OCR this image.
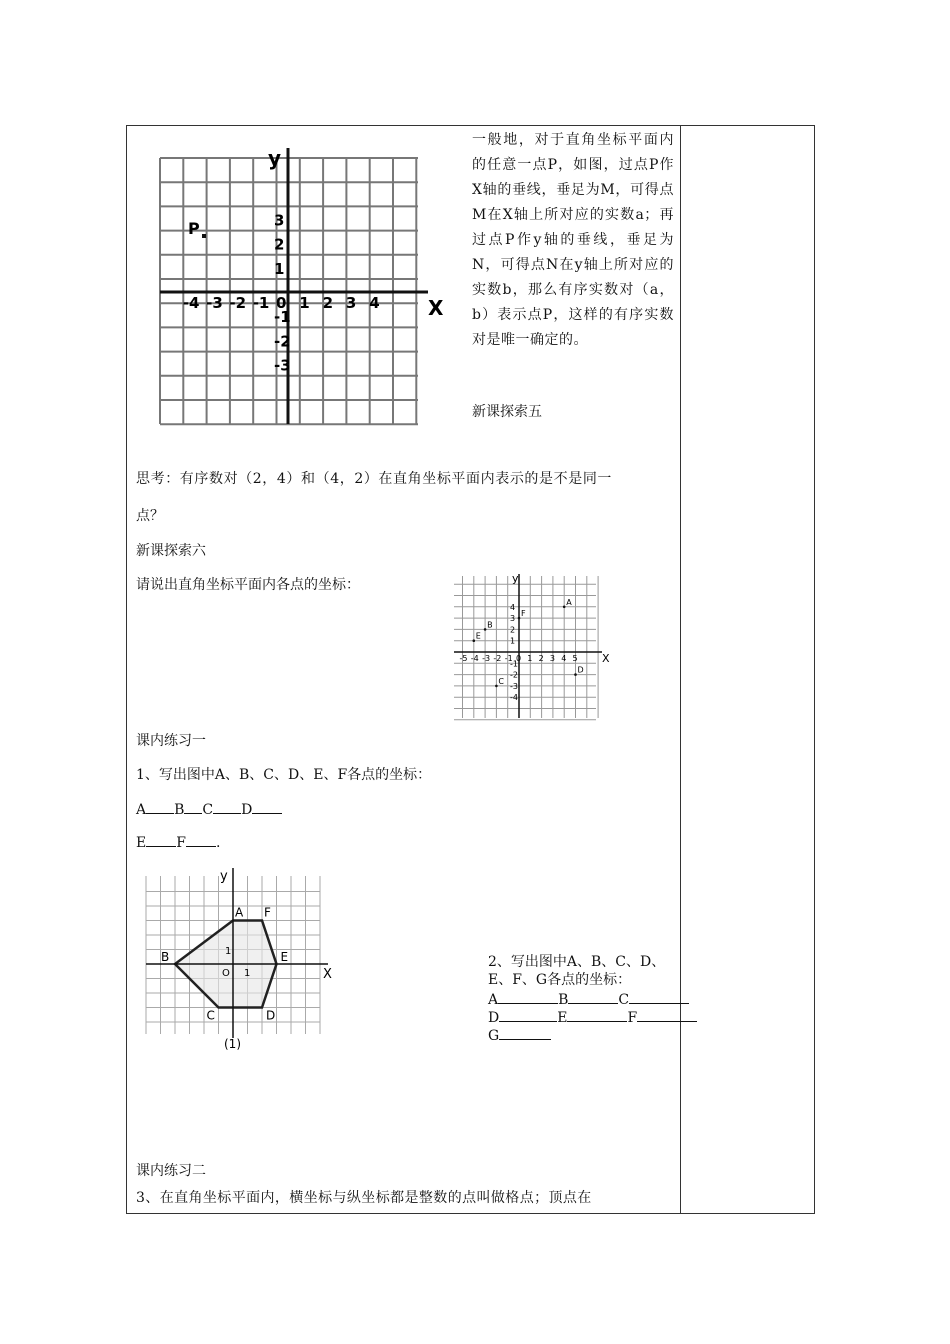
y
X
P
-4 -3 -2 -1 0 1 2 3 4
3
2
1
-1
-2
-3
一般地，对于直角坐标平面内的任意一点P，如图，过点P作X轴的垂线，垂足为M，可得点M在X轴上所对应的实数a；再过点P作y轴的垂线，垂足为N，可得点N在y轴上所对应的实数b，那么有序实数对（a，b）表示点P，这样的有序实数对是唯一确定的。
新课探索五
思考：有序数对（2，4）和（4，2）在直角坐标平面内表示的是不是同一
点？
新课探索六
请说出直角坐标平面内各点的坐标：	y
X
-5 -4 -3 -2 -1 0 1 2 3 4 5
4
3
2
1
-1
-2
-3
-4
A
B
C
D
E
F
课内练习一
1、写出图中A、B、C、D、E、F各点的坐标：
A B C D
E F .
y
X
O 1
1
A F
E
D
C
B
(1)
2、写出图中A、B、C、D、
E、F、G各点的坐标：
A	B	C
D	E	F
G
课内练习二
3、在直角坐标平面内，横坐标与纵坐标都是整数的点叫做格点；顶点在
